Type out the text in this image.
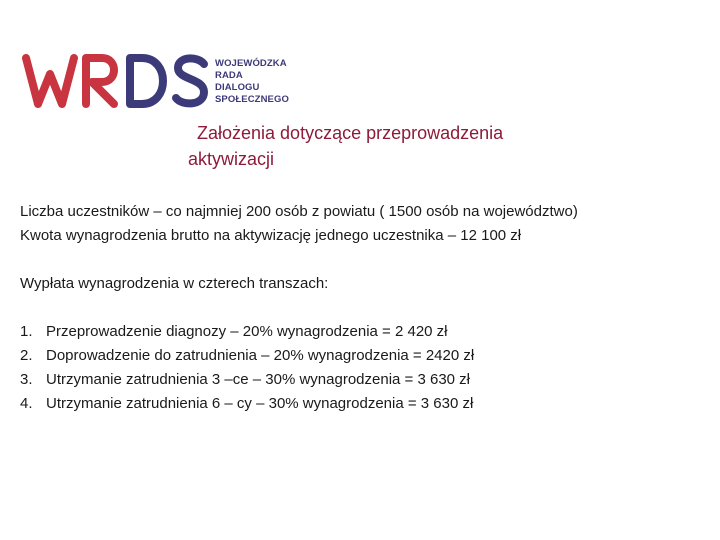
WOJEWÓDZKA
RADA
DIALOGU
SPOŁECZNEGO
Założenia dotyczące przeprowadzenia
aktywizacji

Liczba uczestników – co najmniej 200 osób z powiatu ( 1500 osób na województwo)

Kwota wynagrodzenia brutto na aktywizację jednego uczestnika – 12 100 zł

Wypłata wynagrodzenia w czterech transzach:

1. Przeprowadzenie diagnozy – 20% wynagrodzenia = 2 420 zł
2. Doprowadzenie do zatrudnienia – 20% wynagrodzenia = 2420 zł
3. Utrzymanie zatrudnienia 3 –ce – 30% wynagrodzenia = 3 630 zł
4. Utrzymanie zatrudnienia 6 – cy – 30% wynagrodzenia = 3 630 zł
